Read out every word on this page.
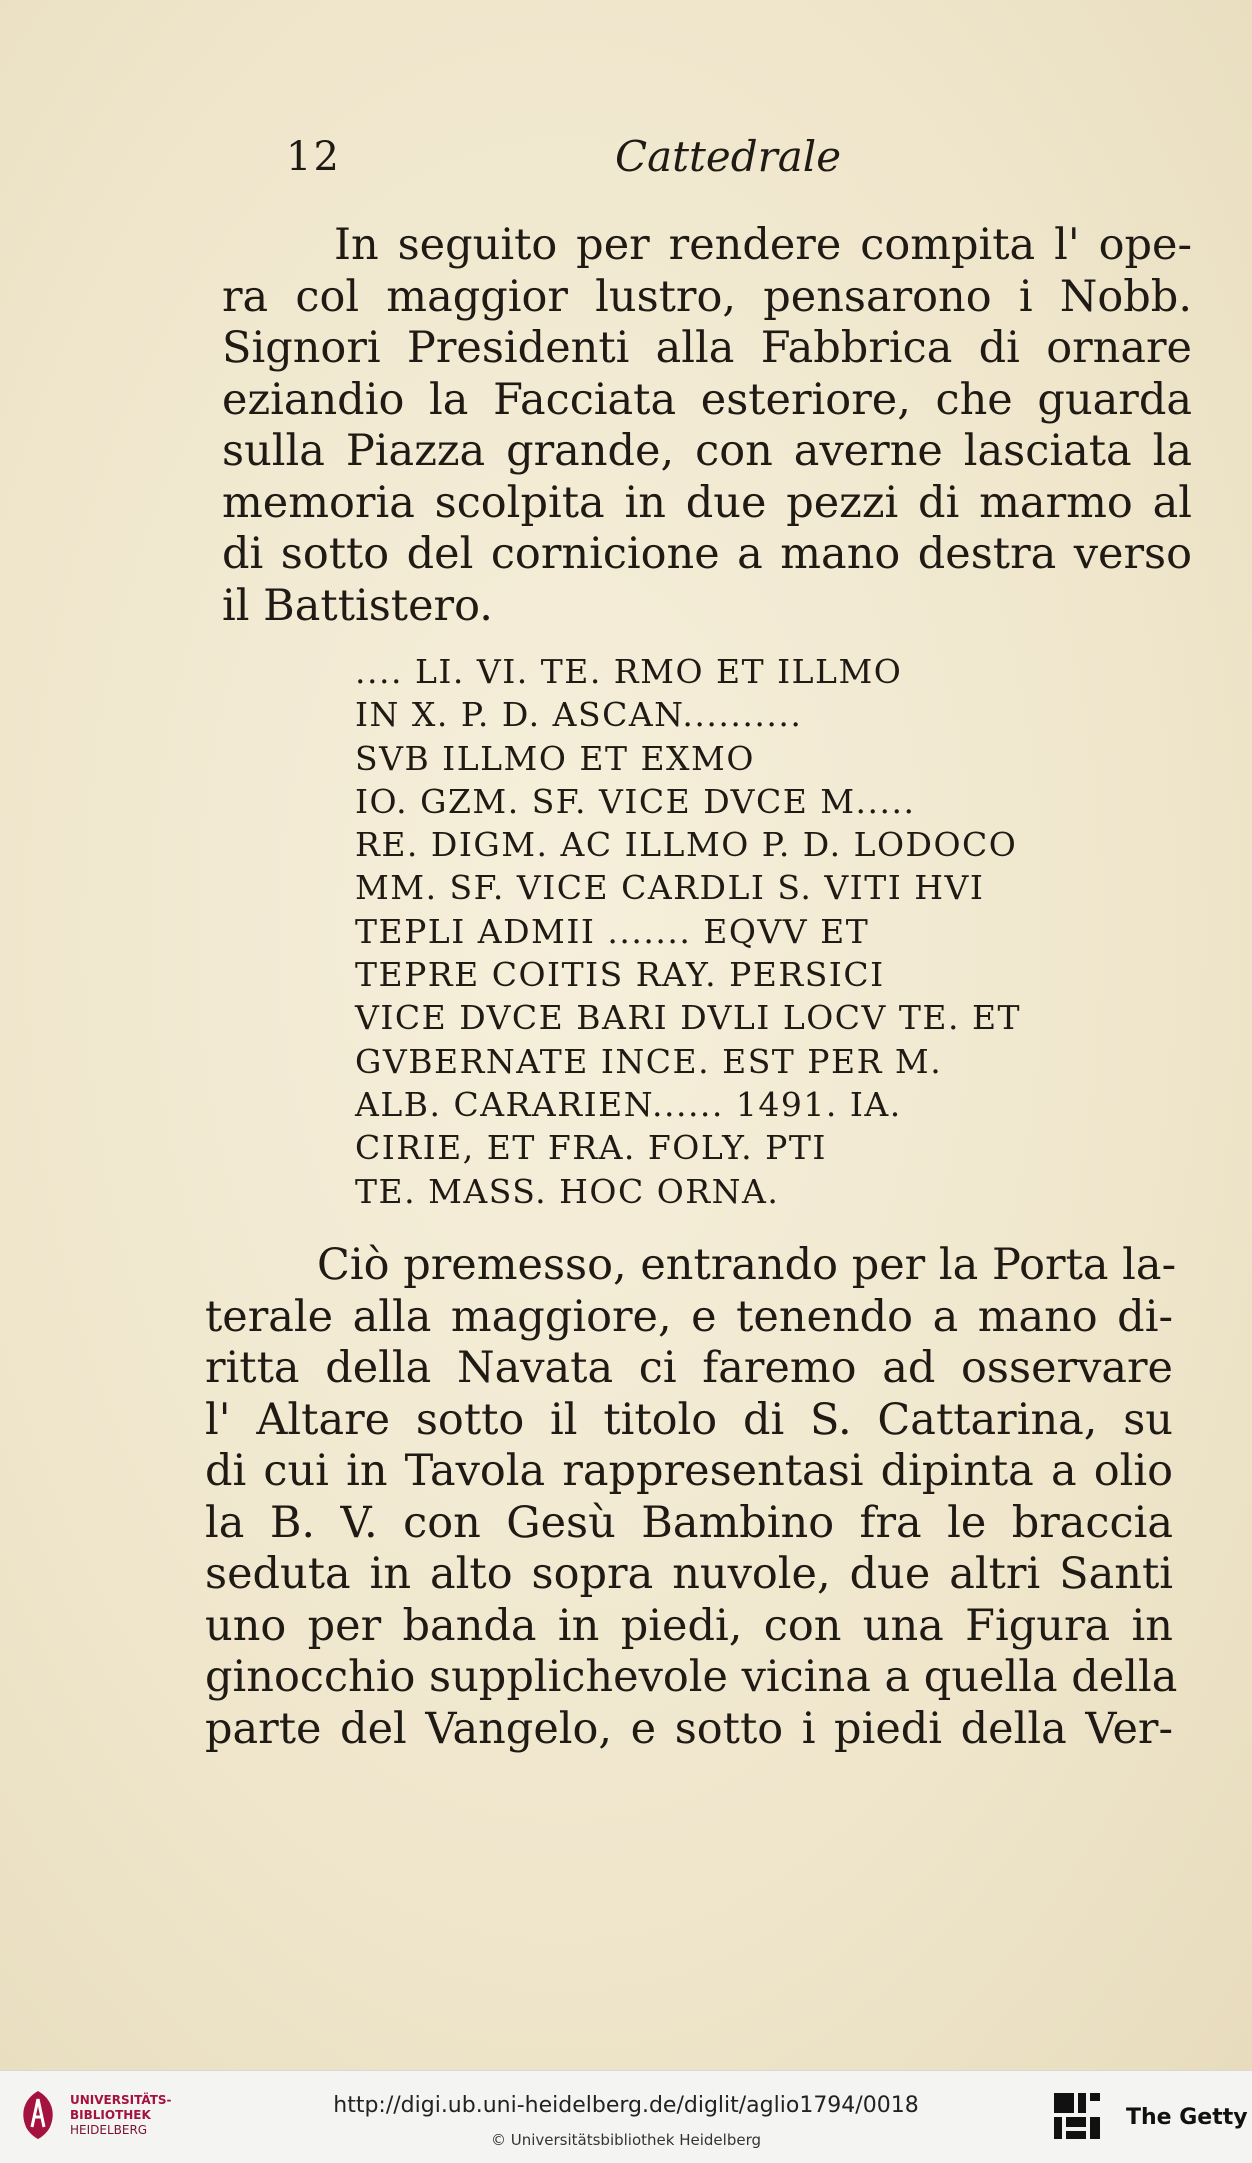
12	Cattedrale
In seguito per rendere compita l' ope-
ra col maggior lustro, pensarono i Nobb.
Signori Presidenti alla Fabbrica di ornare
eziandio la Facciata esteriore, che guarda
sulla Piazza grande, con averne lasciata la
memoria scolpita in due pezzi di marmo al
di sotto del cornicione a mano destra verso
il Battistero.
.... LI. VI. TE. RMO ET ILLMO
IN X. P. D. ASCAN..........
SVB ILLMO ET EXMO
IO. GZM. SF. VICE DVCE M.....
RE. DIGM. AC ILLMO P. D. LODOCO
MM. SF. VICE CARDLI S. VITI HVI
TEPLI ADMII ....... EQVV ET
TEPRE COITIS RAY. PERSICI
VICE DVCE BARI DVLI LOCV TE. ET
GVBERNATE INCE. EST PER M.
ALB. CARARIEN...... 1491. IA.
CIRIE, ET FRA. FOLY. PTI
TE. MASS. HOC ORNA.
Ciò premesso, entrando per la Porta la-
terale alla maggiore, e tenendo a mano di-
ritta della Navata ci faremo ad osservare
l' Altare sotto il titolo di S. Cattarina, su
di cui in Tavola rappresentasi dipinta a olio
la B. V. con Gesù Bambino fra le braccia
seduta in alto sopra nuvole, due altri Santi
uno per banda in piedi, con una Figura in
ginocchio supplichevole vicina a quella della
parte del Vangelo, e sotto i piedi della Ver-
UNIVERSITÄTS-
BIBLIOTHEK
HEIDELBERG
http://digi.ub.uni-heidelberg.de/diglit/aglio1794/0018
© Universitätsbibliothek Heidelberg
The Getty
